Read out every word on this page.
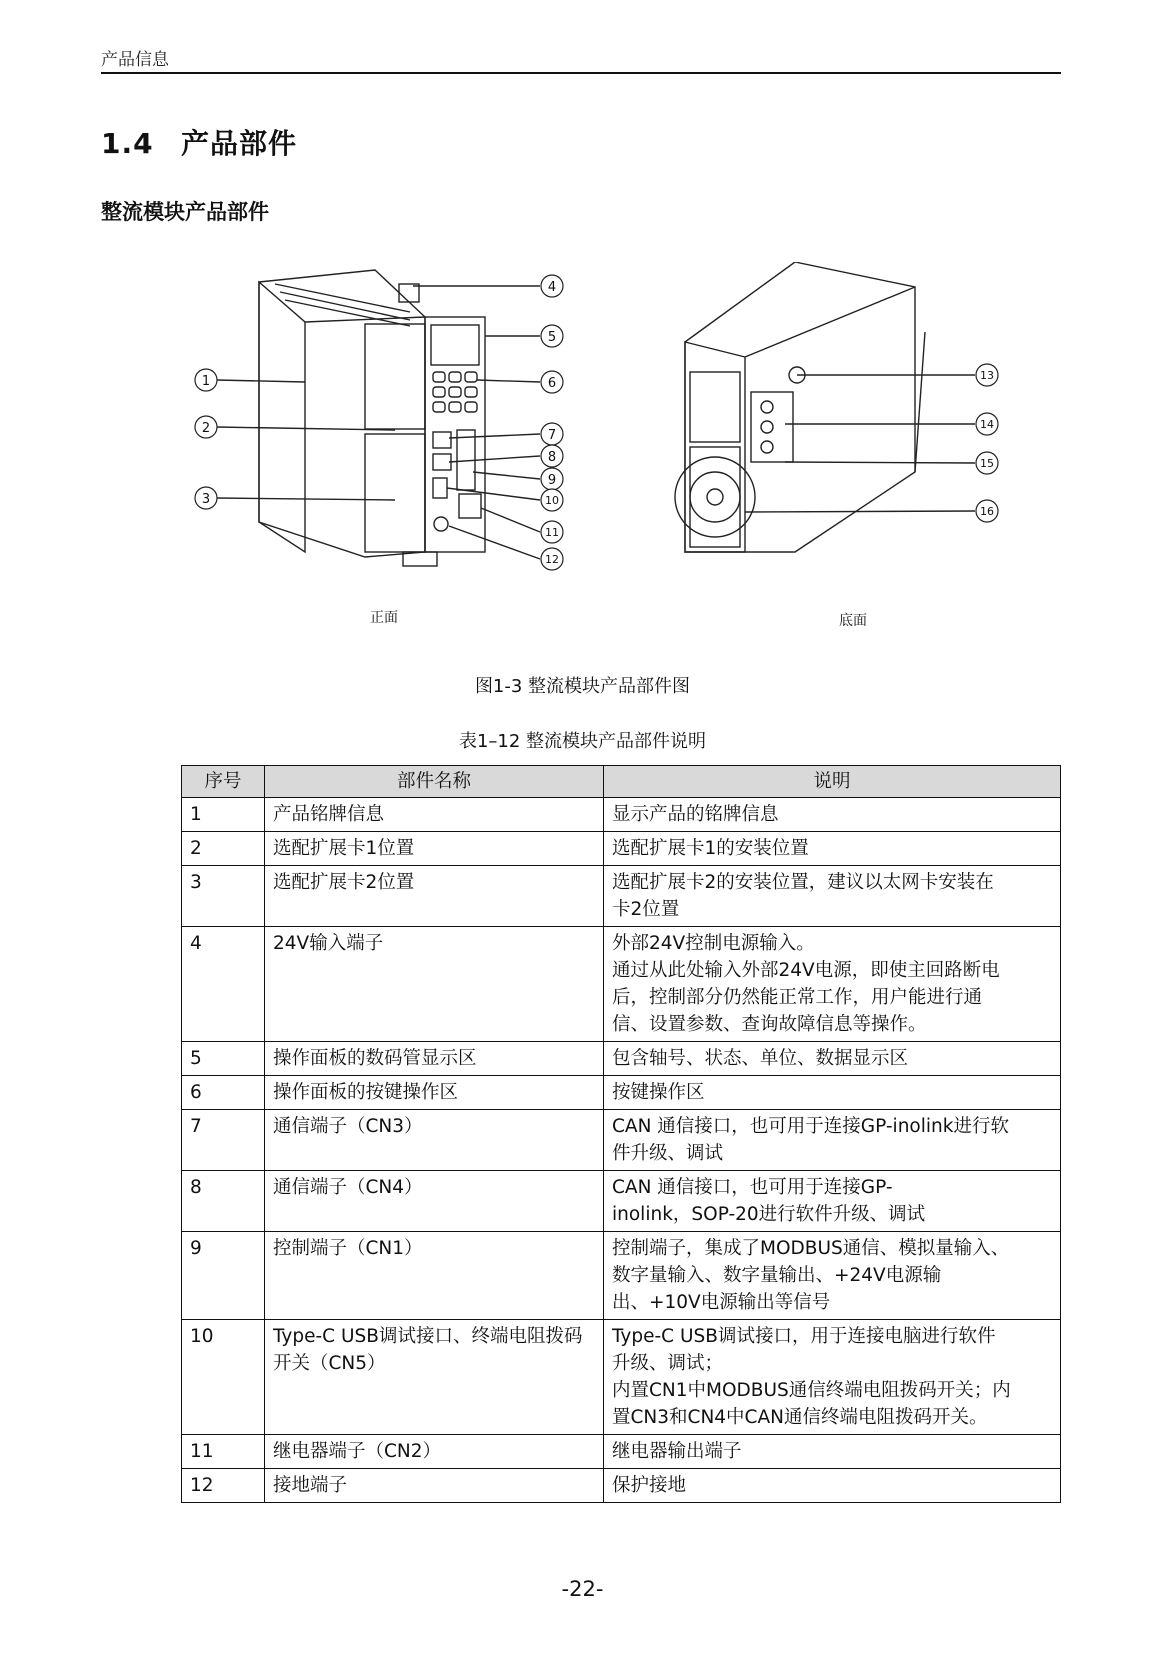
产品信息
1.4 产品部件
整流模块产品部件
1
2
3
4
5
6
7
8
9
10
11
12
13
14
15
16
正面	底面
图1-3 整流模块产品部件图
表1–12 整流模块产品部件说明
序号	部件名称	说明
1	产品铭牌信息	显示产品的铭牌信息

2	选配扩展卡1位置	选配扩展卡1的安装位置

3	选配扩展卡2位置	选配扩展卡2的安装位置，建议以太网卡安装在
卡2位置

4	24V输入端子	外部24V控制电源输入。
通过从此处输入外部24V电源，即使主回路断电
后，控制部分仍然能正常工作，用户能进行通
信、设置参数、查询故障信息等操作。

5	操作面板的数码管显示区	包含轴号、状态、单位、数据显示区

6	操作面板的按键操作区	按键操作区

7	通信端子（CN3）	CAN 通信接口，也可用于连接GP-inolink进行软
件升级、调试

8	通信端子（CN4）	CAN 通信接口，也可用于连接GP-
inolink，SOP-20进行软件升级、调试

9	控制端子（CN1）	控制端子，集成了MODBUS通信、模拟量输入、
数字量输入、数字量输出、+24V电源输
出、+10V电源输出等信号

10	Type-C USB调试接口、终端电阻拨码开关（CN5）	Type-C USB调试接口，用于连接电脑进行软件
升级、调试；
内置CN1中MODBUS通信终端电阻拨码开关；内
置CN3和CN4中CAN通信终端电阻拨码开关。

11	继电器端子（CN2）	继电器输出端子

12	接地端子	保护接地
-22-
